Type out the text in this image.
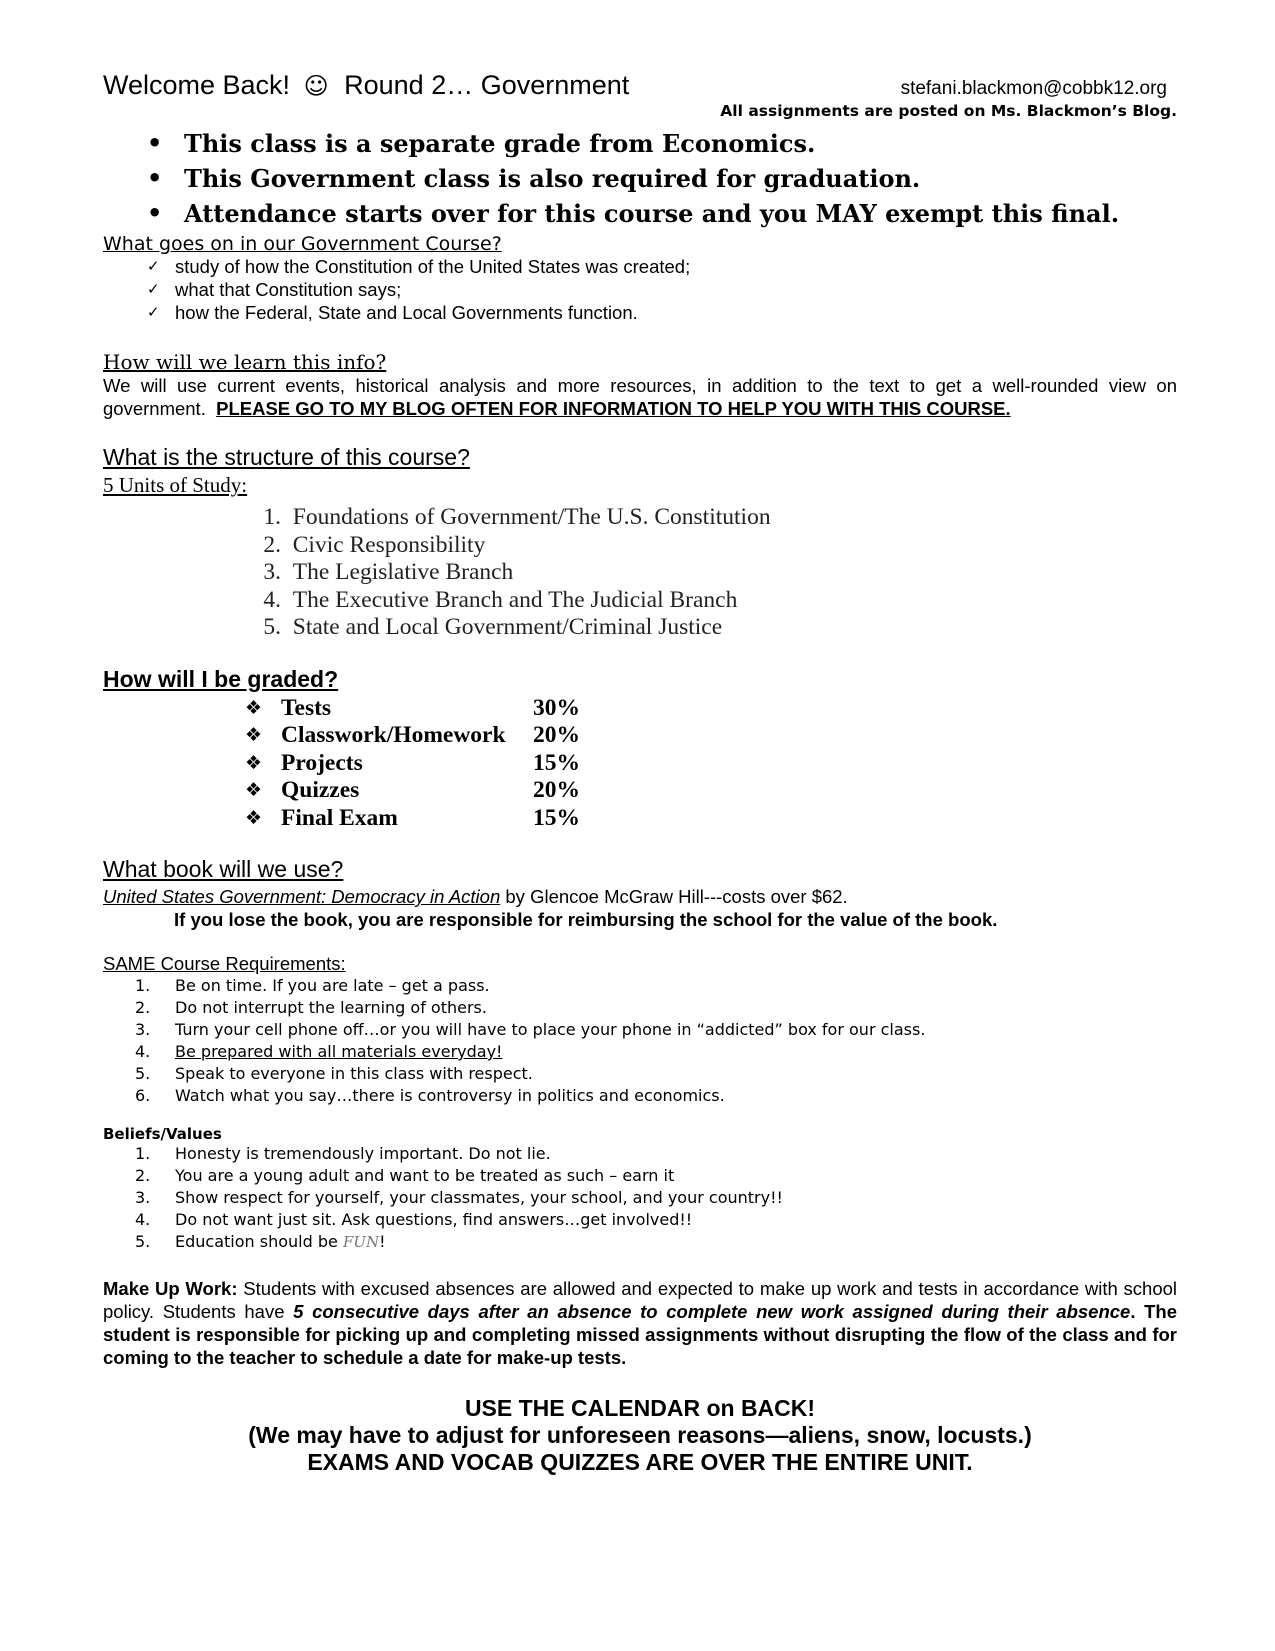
Welcome Back! ☺ Round 2… Government	stefani.blackmon@cobbk12.org
All assignments are posted on Ms. Blackmon’s Blog.
• This class is a separate grade from Economics.
• This Government class is also required for graduation.
• Attendance starts over for this course and you MAY exempt this final.
What goes on in our Government Course?
✓ study of how the Constitution of the United States was created;
✓ what that Constitution says;
✓ how the Federal, State and Local Governments function.
How will we learn this info?
We will use current events, historical analysis and more resources, in addition to the text to get a well-rounded view on government. PLEASE GO TO MY BLOG OFTEN FOR INFORMATION TO HELP YOU WITH THIS COURSE.
What is the structure of this course?
5 Units of Study:
1. Foundations of Government/The U.S. Constitution
2. Civic Responsibility
3. The Legislative Branch
4. The Executive Branch and The Judicial Branch
5. State and Local Government/Criminal Justice
How will I be graded?
❖ Tests	30%
❖ Classwork/Homework	20%
❖ Projects	15%
❖ Quizzes	20%
❖ Final Exam	15%
What book will we use?
United States Government: Democracy in Action by Glencoe McGraw Hill---costs over $62.
If you lose the book, you are responsible for reimbursing the school for the value of the book.
SAME Course Requirements:
1.	Be on time. If you are late – get a pass.
2.	Do not interrupt the learning of others.
3.	Turn your cell phone off…or you will have to place your phone in “addicted” box for our class.
4.	Be prepared with all materials everyday!
5.	Speak to everyone in this class with respect.
6.	Watch what you say…there is controversy in politics and economics.
Beliefs/Values
1.	Honesty is tremendously important. Do not lie.
2.	You are a young adult and want to be treated as such – earn it
3.	Show respect for yourself, your classmates, your school, and your country!!
4.	Do not want just sit. Ask questions, find answers…get involved!!
5.	Education should be FUN!
Make Up Work: Students with excused absences are allowed and expected to make up work and tests in accordance with school policy. Students have 5 consecutive days after an absence to complete new work assigned during their absence. The student is responsible for picking up and completing missed assignments without disrupting the flow of the class and for coming to the teacher to schedule a date for make-up tests.
USE THE CALENDAR on BACK!
(We may have to adjust for unforeseen reasons—aliens, snow, locusts.)
EXAMS AND VOCAB QUIZZES ARE OVER THE ENTIRE UNIT.
